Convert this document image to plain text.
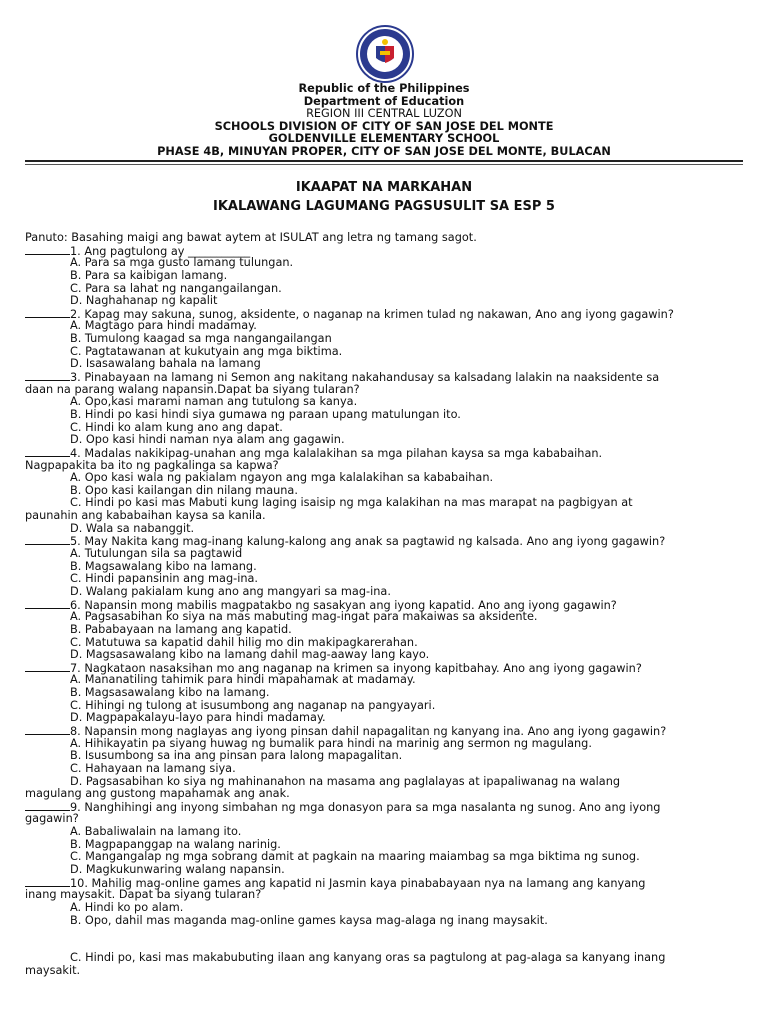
Republic of the Philippines
Department of Education
REGION III CENTRAL LUZON
SCHOOLS DIVISION OF CITY OF SAN JOSE DEL MONTE
GOLDENVILLE ELEMENTARY SCHOOL
PHASE 4B, MINUYAN PROPER, CITY OF SAN JOSE DEL MONTE, BULACAN
IKAAPAT NA MARKAHAN
IKALAWANG LAGUMANG PAGSUSULIT SA ESP 5
Panuto: Basahing maigi ang bawat aytem at ISULAT ang letra ng tamang sagot.
1. Ang pagtulong ay ___________
A. Para sa mga gusto lamang tulungan.
B. Para sa kaibigan lamang.
C. Para sa lahat ng nangangailangan.
D. Naghahanap ng kapalit
2. Kapag may sakuna, sunog, aksidente, o naganap na krimen tulad ng nakawan, Ano ang iyong gagawin?
A. Magtago para hindi madamay.
B. Tumulong kaagad sa mga nangangailangan
C. Pagtatawanan at kukutyain ang mga biktima.
D. Isasawalang bahala na lamang
3. Pinabayaan na lamang ni Semon ang nakitang nakahandusay sa kalsadang lalakin na naaksidente sa
daan na parang walang napansin.Dapat ba siyang tularan?
A. Opo,kasi marami naman ang tutulong sa kanya.
B. Hindi po kasi hindi siya gumawa ng paraan upang matulungan ito.
C. Hindi ko alam kung ano ang dapat.
D. Opo kasi hindi naman nya alam ang gagawin.
4. Madalas nakikipag-unahan ang mga kalalakihan sa mga pilahan kaysa sa mga kababaihan.
Nagpapakita ba ito ng pagkalinga sa kapwa?
A. Opo kasi wala ng pakialam ngayon ang mga kalalakihan sa kababaihan.
B. Opo kasi kailangan din nilang mauna.
C. Hindi po kasi mas Mabuti kung laging isaisip ng mga kalakihan na mas marapat na pagbigyan at
paunahin ang kababaihan kaysa sa kanila.
D. Wala sa nabanggit.
5. May Nakita kang mag-inang kalung-kalong ang anak sa pagtawid ng kalsada. Ano ang iyong gagawin?
A. Tutulungan sila sa pagtawid
B. Magsawalang kibo na lamang.
C. Hindi papansinin ang mag-ina.
D. Walang pakialam kung ano ang mangyari sa mag-ina.
6. Napansin mong mabilis magpatakbo ng sasakyan ang iyong kapatid. Ano ang iyong gagawin?
A. Pagsasabihan ko siya na mas mabuting mag-ingat para makaiwas sa aksidente.
B. Pababayaan na lamang ang kapatid.
C. Matutuwa sa kapatid dahil hilig mo din makipagkarerahan.
D. Magsasawalang kibo na lamang dahil mag-aaway lang kayo.
7. Nagkataon nasaksihan mo ang naganap na krimen sa inyong kapitbahay. Ano ang iyong gagawin?
A. Mananatiling tahimik para hindi mapahamak at madamay.
B. Magsasawalang kibo na lamang.
C. Hihingi ng tulong at isusumbong ang naganap na pangyayari.
D. Magpapakalayu-layo para hindi madamay.
8. Napansin mong naglayas ang iyong pinsan dahil napagalitan ng kanyang ina. Ano ang iyong gagawin?
A. Hihikayatin pa siyang huwag ng bumalik para hindi na marinig ang sermon ng magulang.
B. Isusumbong sa ina ang pinsan para lalong mapagalitan.
C. Hahayaan na lamang siya.
D. Pagsasabihan ko siya ng mahinanahon na masama ang paglalayas at ipapaliwanag na walang
magulang ang gustong mapahamak ang anak.
9. Nanghihingi ang inyong simbahan ng mga donasyon para sa mga nasalanta ng sunog. Ano ang iyong
gagawin?
A. Babaliwalain na lamang ito.
B. Magpapanggap na walang narinig.
C. Mangangalap ng mga sobrang damit at pagkain na maaring maiambag sa mga biktima ng sunog.
D. Magkukunwaring walang napansin.
10. Mahilig mag-online games ang kapatid ni Jasmin kaya pinababayaan nya na lamang ang kanyang
inang maysakit. Dapat ba siyang tularan?
A. Hindi ko po alam.
B. Opo, dahil mas maganda mag-online games kaysa mag-alaga ng inang maysakit.
C. Hindi po, kasi mas makabubuting ilaan ang kanyang oras sa pagtulong at pag-alaga sa kanyang inang
maysakit.
